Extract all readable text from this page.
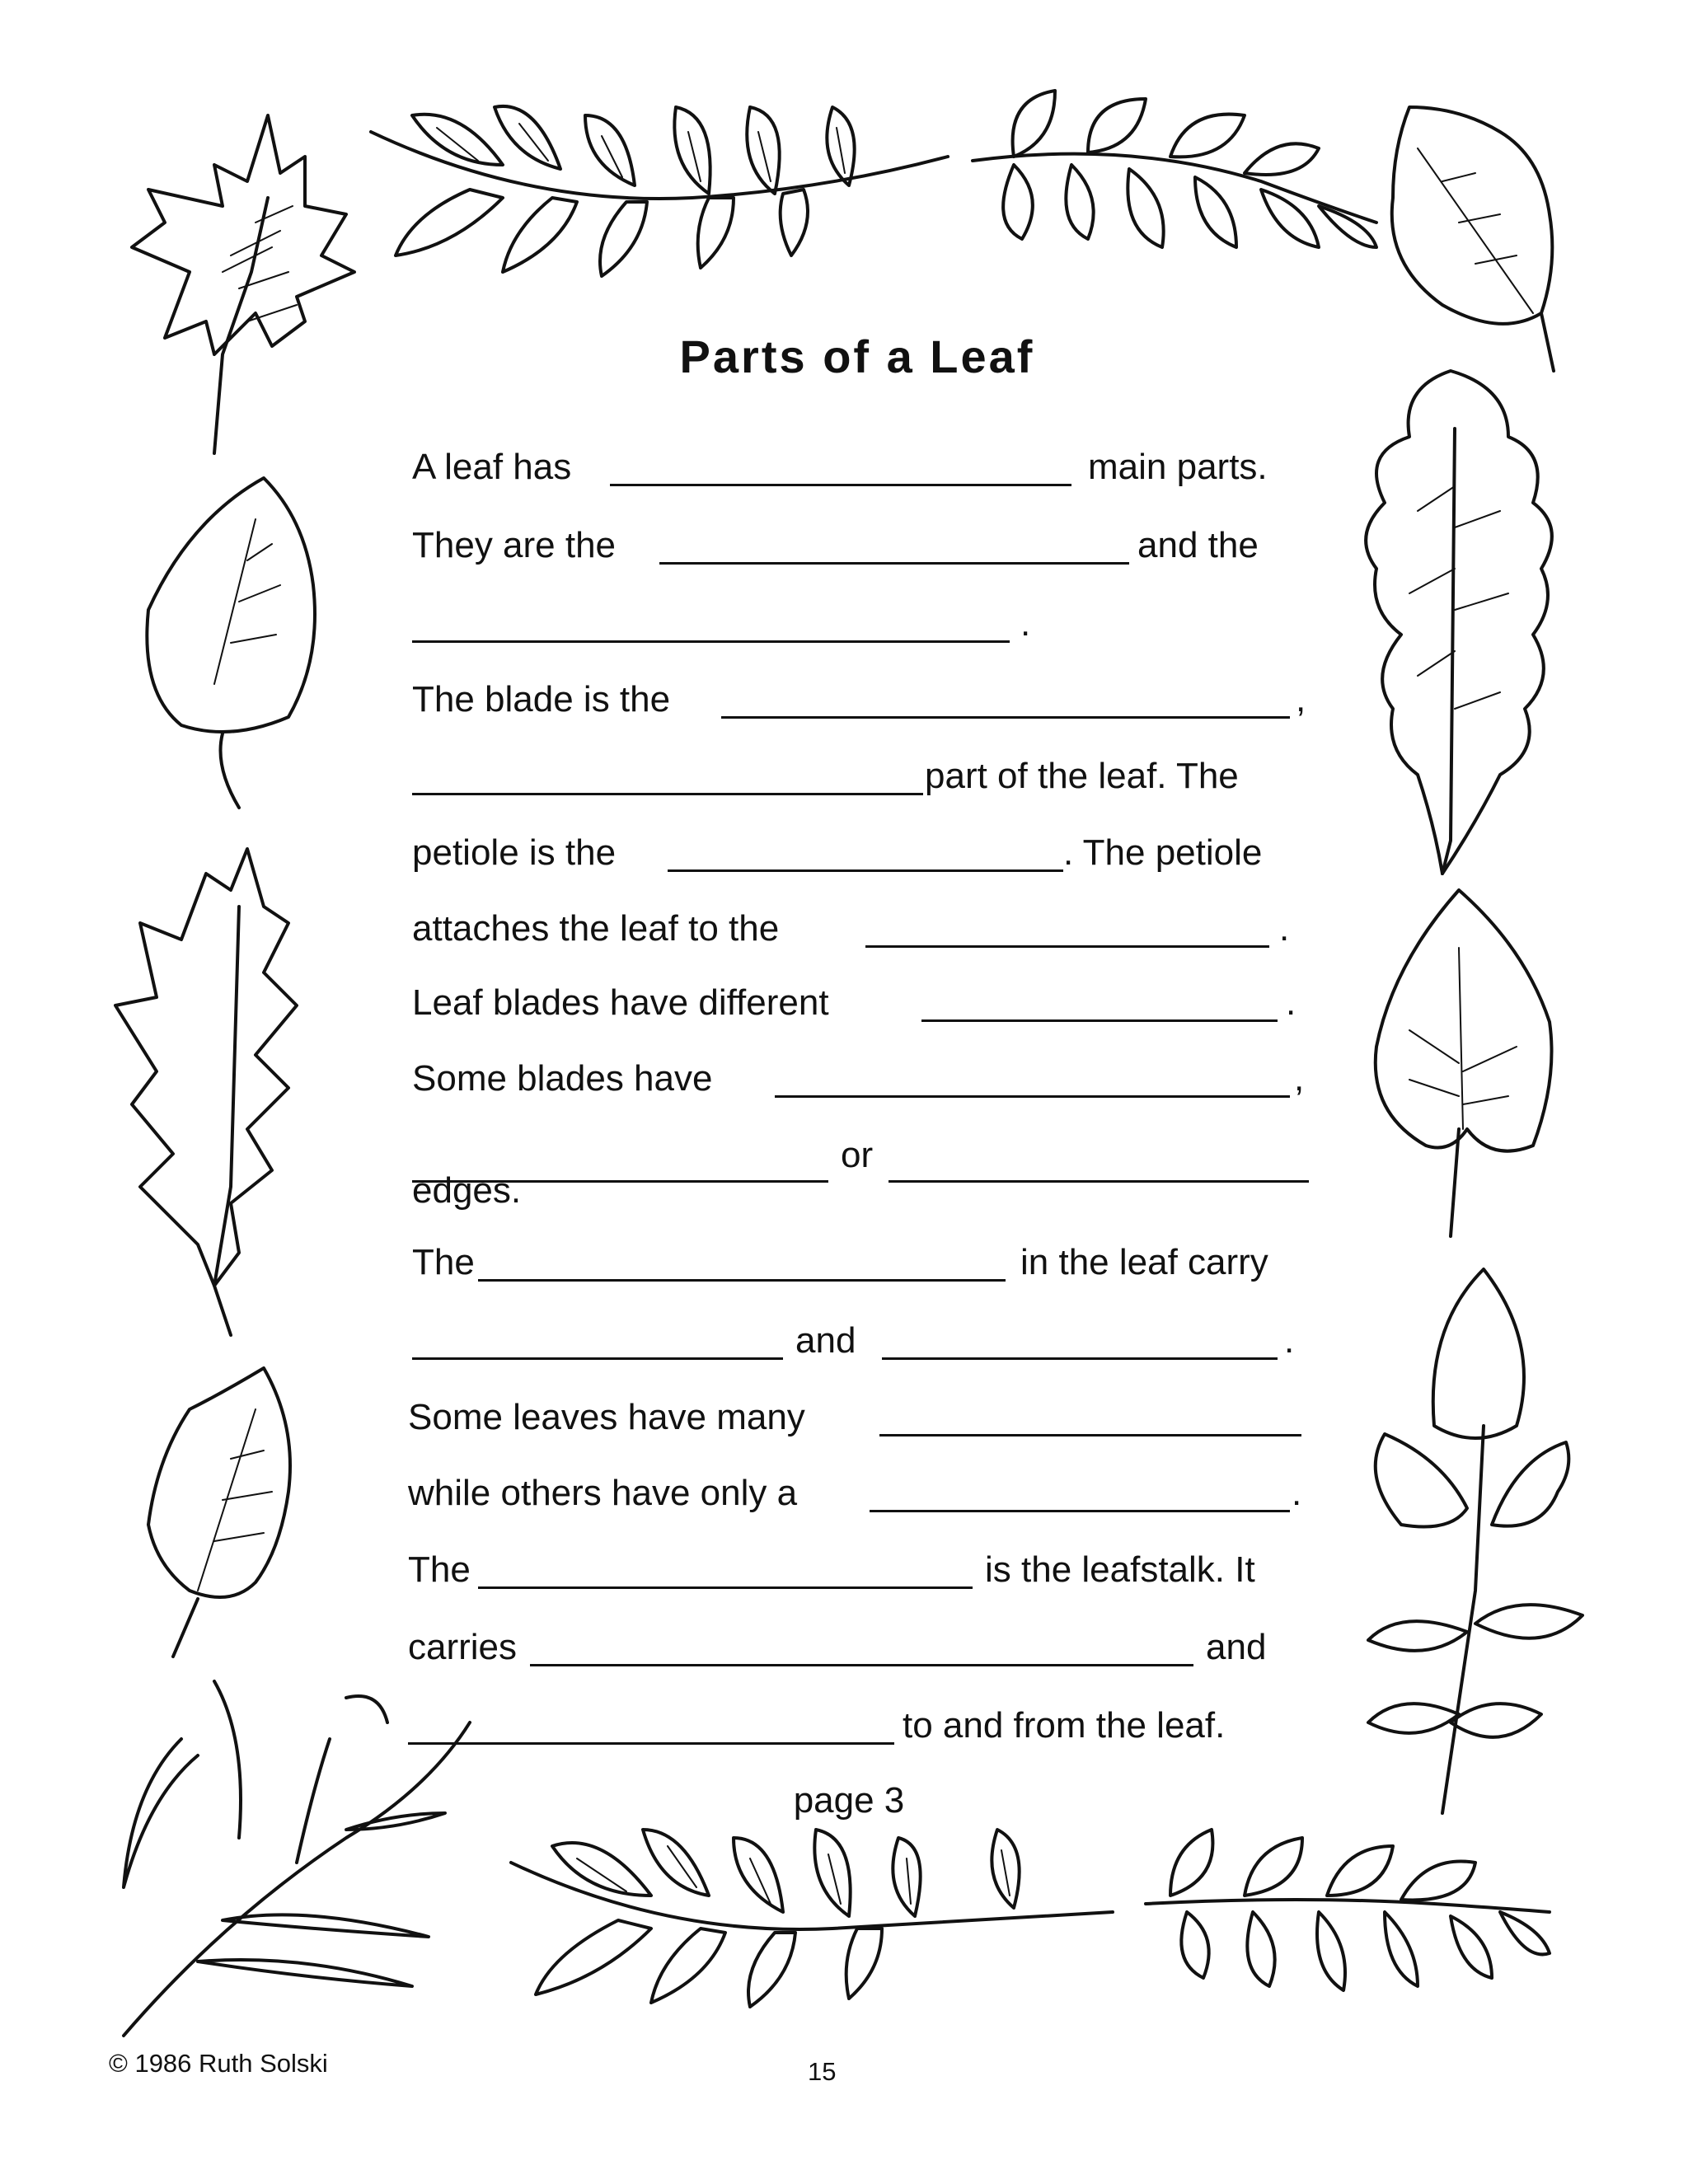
Parts of a Leaf
A leaf has	main parts.
They are the	and the
.
The blade is the	,
part of the leaf. The
petiole is the	. The petiole
attaches the leaf to the	.
Leaf blades have different	.
Some blades have	,
or
edges.
The	in the leaf carry
and	.
Some leaves have many
while others have only a	.
The	is the leafstalk. It
carries	and
to and from the leaf.
page 3
© 1986 Ruth Solski	15
